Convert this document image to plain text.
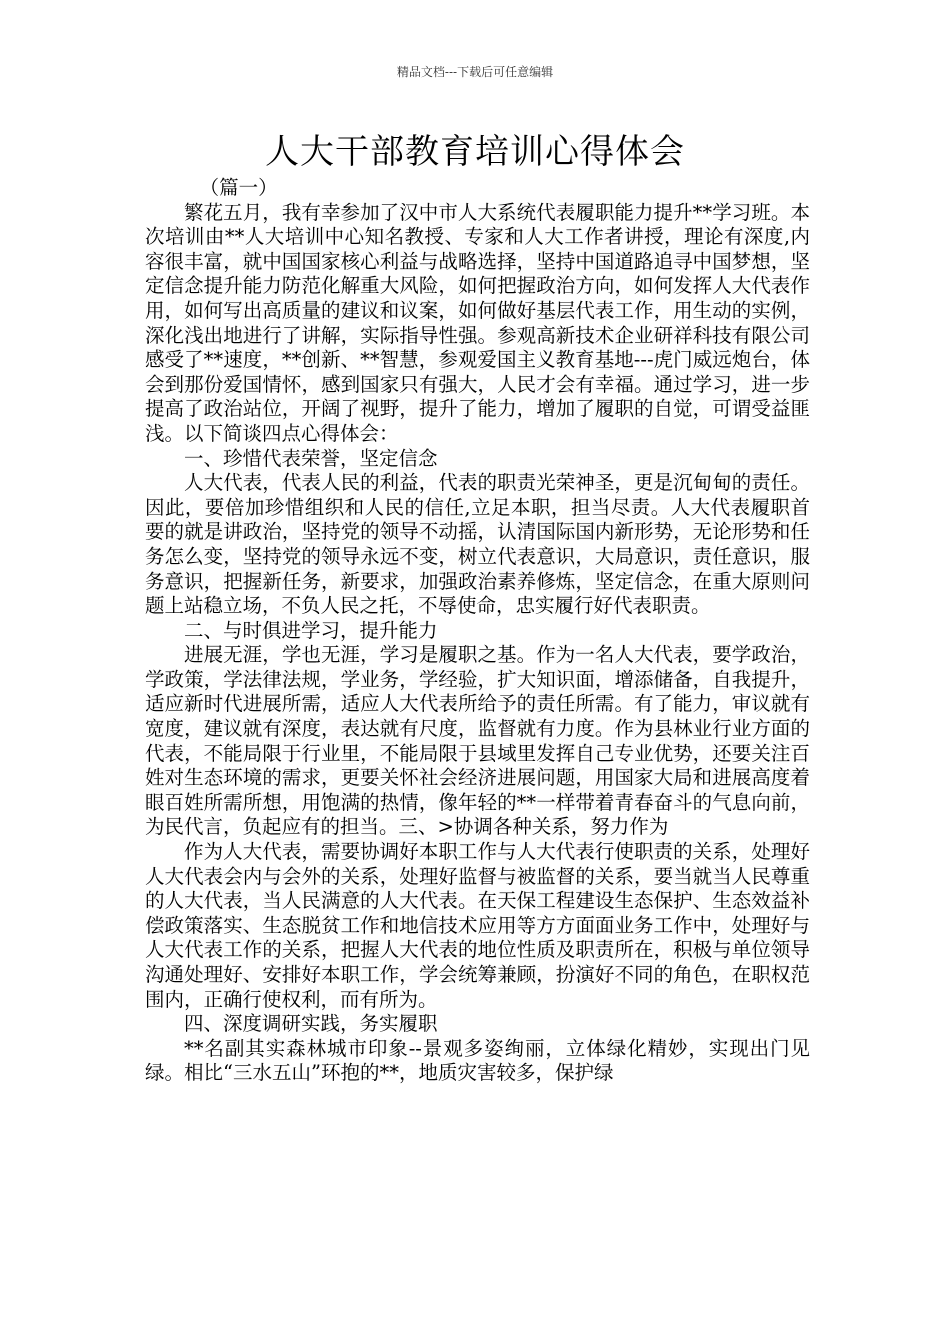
精品文档---下载后可任意编辑
人大干部教育培训心得体会

（篇一）

繁花五月，我有幸参加了汉中市人大系统代表履职能力提升**学习班。本次培训由**人大培训中心知名教授、专家和人大工作者讲授，理论有深度,内容很丰富，就中国国家核心利益与战略选择，坚持中国道路追寻中国梦想，坚定信念提升能力防范化解重大风险，如何把握政治方向，如何发挥人大代表作用，如何写出高质量的建议和议案，如何做好基层代表工作，用生动的实例，深化浅出地进行了讲解，实际指导性强。参观高新技术企业研祥科技有限公司感受了**速度，**创新、**智慧，参观爱国主义教育基地---虎门威远炮台，体会到那份爱国情怀，感到国家只有强大，人民才会有幸福。通过学习，进一步提高了政治站位，开阔了视野，提升了能力，增加了履职的自觉，可谓受益匪浅。以下简谈四点心得体会：

一、珍惜代表荣誉，坚定信念

人大代表，代表人民的利益，代表的职责光荣神圣，更是沉甸甸的责任。因此，要倍加珍惜组织和人民的信任,立足本职，担当尽责。人大代表履职首要的就是讲政治，坚持党的领导不动摇，认清国际国内新形势，无论形势和任务怎么变，坚持党的领导永远不变，树立代表意识，大局意识，责任意识，服务意识，把握新任务，新要求，加强政治素养修炼，坚定信念，在重大原则问题上站稳立场，不负人民之托，不辱使命，忠实履行好代表职责。

二、与时俱进学习，提升能力

进展无涯，学也无涯，学习是履职之基。作为一名人大代表，要学政治，学政策，学法律法规，学业务，学经验，扩大知识面，增添储备，自我提升，适应新时代进展所需，适应人大代表所给予的责任所需。有了能力，审议就有宽度，建议就有深度，表达就有尺度，监督就有力度。作为县林业行业方面的代表，不能局限于行业里，不能局限于县域里发挥自己专业优势，还要关注百姓对生态环境的需求，更要关怀社会经济进展问题，用国家大局和进展高度着眼百姓所需所想，用饱满的热情，像年轻的**一样带着青春奋斗的气息向前，为民代言，负起应有的担当。三、>协调各种关系，努力作为

作为人大代表，需要协调好本职工作与人大代表行使职责的关系，处理好人大代表会内与会外的关系，处理好监督与被监督的关系，要当就当人民尊重的人大代表，当人民满意的人大代表。在天保工程建设生态保护、生态效益补偿政策落实、生态脱贫工作和地信技术应用等方方面面业务工作中，处理好与人大代表工作的关系，把握人大代表的地位性质及职责所在，积极与单位领导沟通处理好、安排好本职工作，学会统筹兼顾，扮演好不同的角色，在职权范围内，正确行使权利，而有所为。

四、深度调研实践，务实履职

**名副其实森林城市印象--景观多姿绚丽，立体绿化精妙，实现出门见绿。相比“三水五山”环抱的**，地质灾害较多，保护绿
